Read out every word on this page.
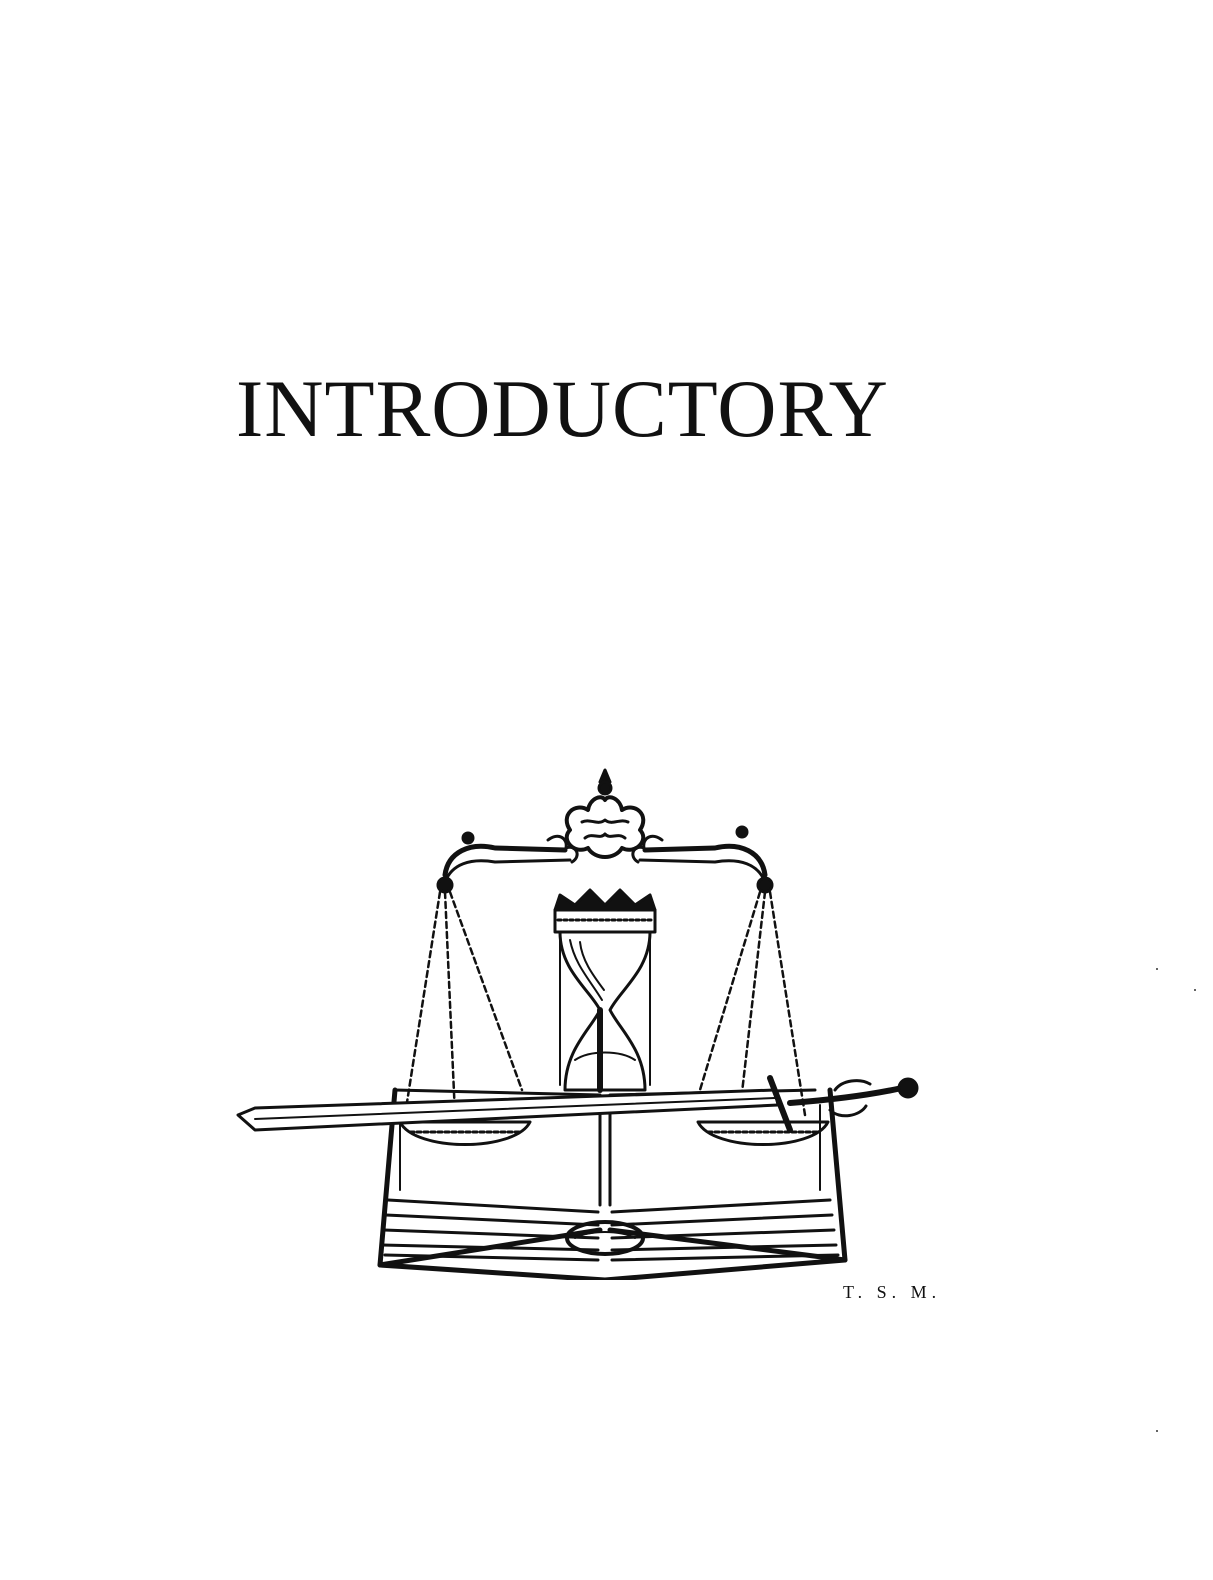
INTRODUCTORY
T. S. M.
